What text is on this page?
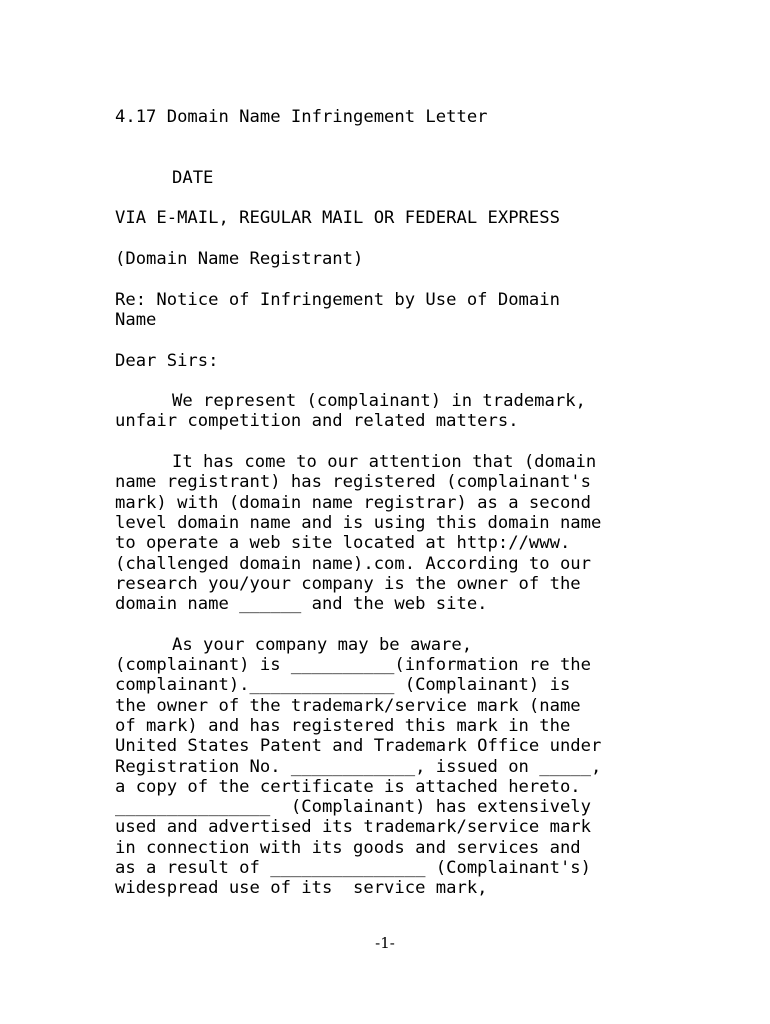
4.17 Domain Name Infringement Letter

DATE

VIA E-MAIL, REGULAR MAIL OR FEDERAL EXPRESS

(Domain Name Registrant)

Re: Notice of Infringement by Use of Domain

Name

Dear Sirs:

We represent (complainant) in trademark,

unfair competition and related matters.

It has come to our attention that (domain

name registrant) has registered (complainant's

mark) with (domain name registrar) as a second

level domain name and is using this domain name

to operate a web site located at http://www.

(challenged domain name).com. According to our

research you/your company is the owner of the

domain name ______ and the web site.

As your company may be aware,

(complainant) is __________(information re the

complainant).______________ (Complainant) is

the owner of the trademark/service mark (name

of mark) and has registered this mark in the

United States Patent and Trademark Office under

Registration No. ____________, issued on _____,

a copy of the certificate is attached hereto.

_______________  (Complainant) has extensively

used and advertised its trademark/service mark

in connection with its goods and services and

as a result of _______________ (Complainant's)

widespread use of its  service mark,

-1-
